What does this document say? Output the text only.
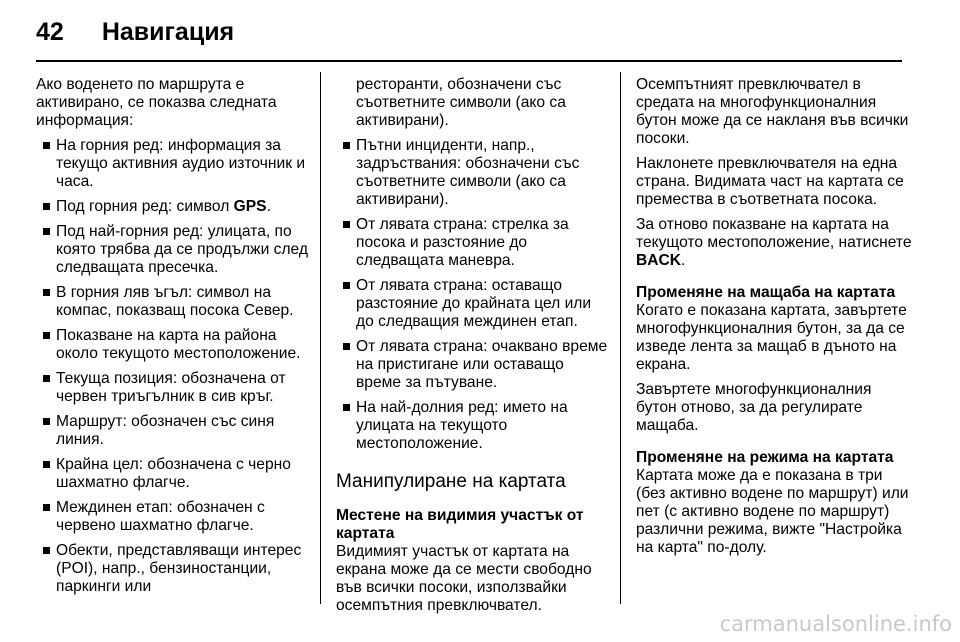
42 Навигация

Ако воденето по маршрута е активирано, се показва следната информация:

На горния ред: информация за текущо активния аудио източник и часа.
Под горния ред: символ GPS.
Под най-горния ред: улицата, по която трябва да се продължи след следващата пресечка.
В горния ляв ъгъл: символ на компас, показващ посока Север.
Показване на карта на района около текущото местоположение.
Текуща позиция: обозначена от червен триъгълник в сив кръг.
Маршрут: обозначен със синя линия.
Крайна цел: обозначена с черно шахматно флагче.
Междинен етап: обозначен с червено шахматно флагче.
Обекти, представляващи интерес (POI), напр., бензиностанции, паркинги или
ресторанти, обозначени със съответните символи (ако са активирани).
Пътни инциденти, напр., задръствания: обозначени със съответните символи (ако са активирани).
От лявата страна: стрелка за посока и разстояние до следващата маневра.
От лявата страна: оставащо разстояние до крайната цел или до следващия междинен етап.
От лявата страна: очаквано време на пристигане или оставащо време за пътуване.
На най-долния ред: името на улицата на текущото местоположение.
Манипулиране на картата
Местене на видимия участък от картата

Видимият участък от картата на екрана може да се мести свободно във всички посоки, използвайки осемпътния превключвател.

Осемпътният превключвател в средата на многофункционалния бутон може да се накланя във всички посоки.

Наклонете превключвателя на една страна. Видимата част на картата се премества в съответната посока.

За отново показване на картата на текущото местоположение, натиснете BACK.

Променяне на мащаба на картата

Когато е показана картата, завъртете многофункционалния бутон, за да се изведе лента за мащаб в дъното на екрана.

Завъртете многофункционалния бутон отново, за да регулирате мащаба.

Променяне на режима на картата

Картата може да е показана в три (без активно водене по маршрут) или пет (с активно водене по маршрут) различни режима, вижте "Настройка на карта" по-долу.

carmanualsonline.info
